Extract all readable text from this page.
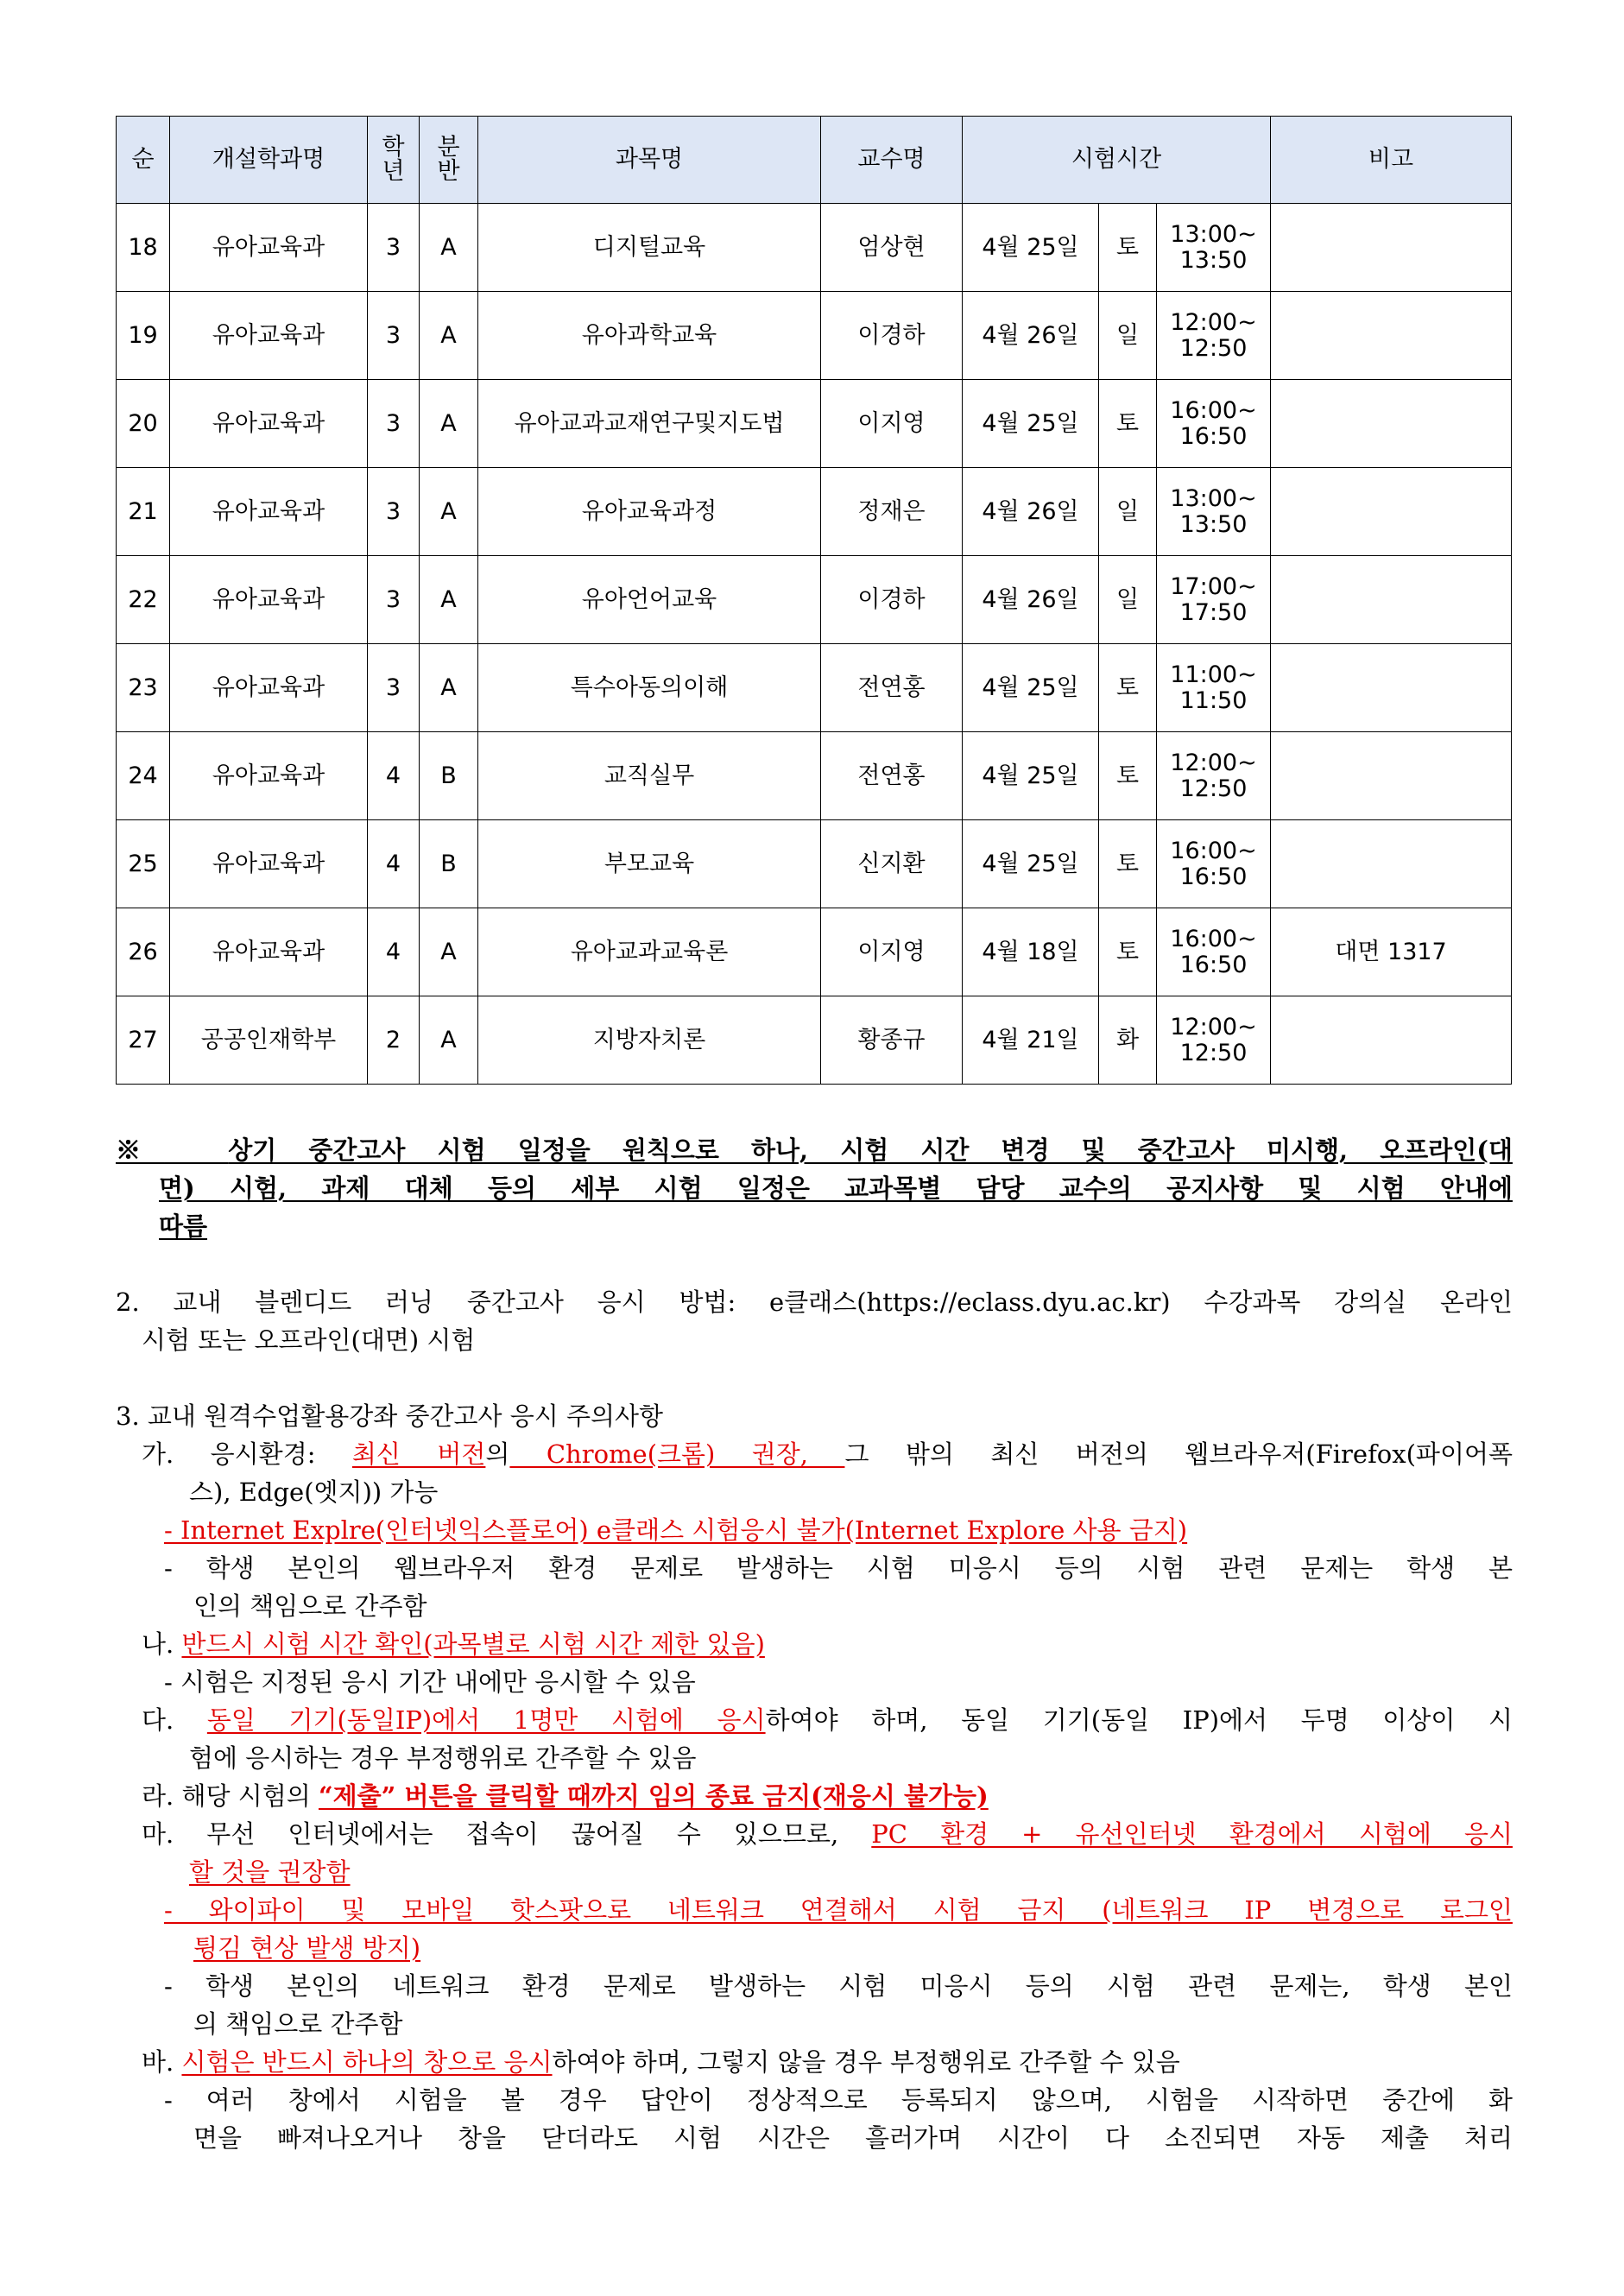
순	개설학과명	학
년	분
반	과목명	교수명	시험시간			비고
18	유아교육과	3	A	디지털교육	엄상현	4월 25일	토	13:00~
13:50	

19	유아교육과	3	A	유아과학교육	이경하	4월 26일	일	12:00~
12:50	

20	유아교육과	3	A	유아교과교재연구및지도법	이지영	4월 25일	토	16:00~
16:50	

21	유아교육과	3	A	유아교육과정	정재은	4월 26일	일	13:00~
13:50	

22	유아교육과	3	A	유아언어교육	이경하	4월 26일	일	17:00~
17:50	

23	유아교육과	3	A	특수아동의이해	전연홍	4월 25일	토	11:00~
11:50	

24	유아교육과	4	B	교직실무	전연홍	4월 25일	토	12:00~
12:50	

25	유아교육과	4	B	부모교육	신지환	4월 25일	토	16:00~
16:50	

26	유아교육과	4	A	유아교과교육론	이지영	4월 18일	토	16:00~
16:50	대면 1317
27	공공인재학부	2	A	지방자치론	황종규	4월 21일	화	12:00~
12:50	

※	상기 중간고사 시험 일정을 원칙으로 하나, 시험 시간 변경 및 중간고사 미시행, 오프라인(대

면) 시험, 과제 대체 등의 세부 시험 일정은 교과목별 담당 교수의 공지사항 및 시험 안내에

따름

2. 교내 블렌디드 러닝 중간고사 응시 방법: e클래스(https://eclass.dyu.ac.kr) 수강과목 강의실 온라인

시험 또는 오프라인(대면) 시험

3. 교내 원격수업활용강좌 중간고사 응시 주의사항

가. 응시환경: 최신 버전의 Chrome(크롬) 권장, 그 밖의 최신 버전의 웹브라우저(Firefox(파이어폭

스), Edge(엣지)) 가능

- Internet Explre(인터넷익스플로어) e클래스 시험응시 불가(Internet Explore 사용 금지)

- 학생 본인의 웹브라우저 환경 문제로 발생하는 시험 미응시 등의 시험 관련 문제는 학생 본

인의 책임으로 간주함

나. 반드시 시험 시간 확인(과목별로 시험 시간 제한 있음)

- 시험은 지정된 응시 기간 내에만 응시할 수 있음

다. 동일 기기(동일IP)에서 1명만 시험에 응시하여야 하며, 동일 기기(동일 IP)에서 두명 이상이 시

험에 응시하는 경우 부정행위로 간주할 수 있음

라. 해당 시험의 “제출” 버튼을 클릭할 때까지 임의 종료 금지(재응시 불가능)

마. 무선 인터넷에서는 접속이 끊어질 수 있으므로, PC 환경 + 유선인터넷 환경에서 시험에 응시

할 것을 권장함

- 와이파이 및 모바일 핫스팟으로 네트워크 연결해서 시험 금지 (네트워크 IP 변경으로 로그인

튕김 현상 발생 방지)

- 학생 본인의 네트워크 환경 문제로 발생하는 시험 미응시 등의 시험 관련 문제는, 학생 본인

의 책임으로 간주함

바. 시험은 반드시 하나의 창으로 응시하여야 하며, 그렇지 않을 경우 부정행위로 간주할 수 있음

- 여러 창에서 시험을 볼 경우 답안이 정상적으로 등록되지 않으며, 시험을 시작하면 중간에 화

면을 빠져나오거나 창을 닫더라도 시험 시간은 흘러가며 시간이 다 소진되면 자동 제출 처리
